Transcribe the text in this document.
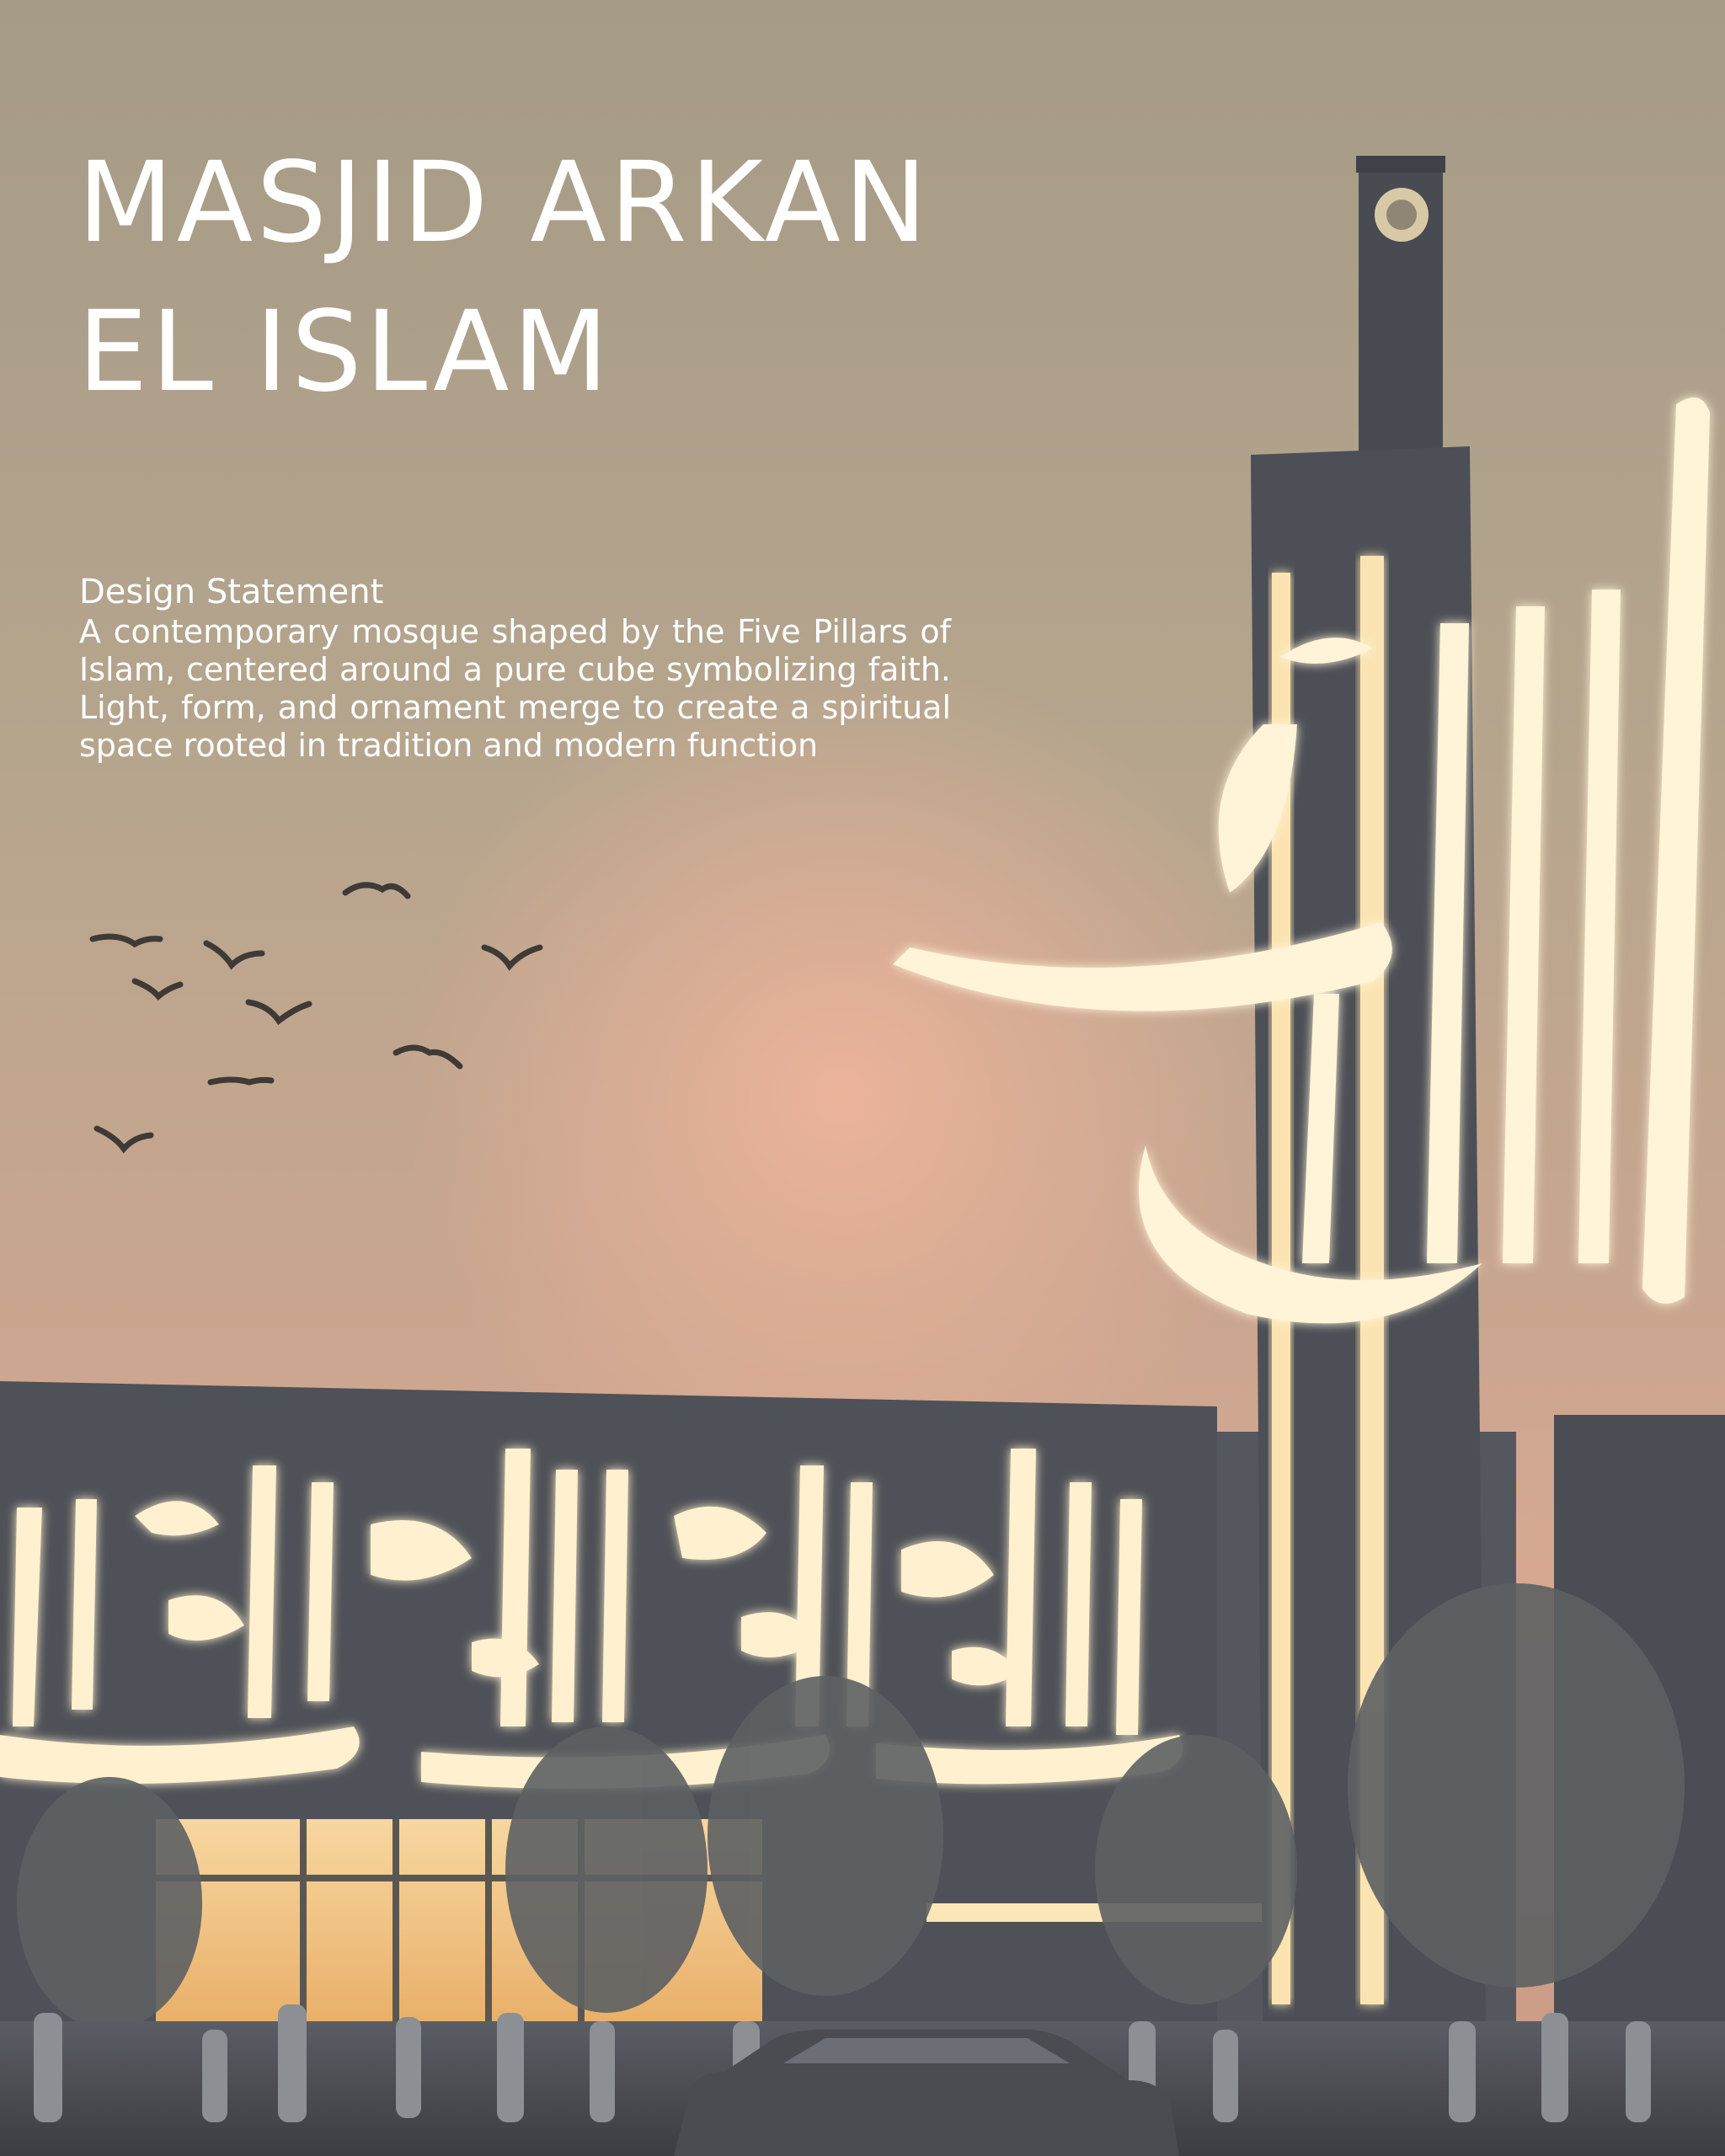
MASJID ARKAN
EL ISLAM
Design Statement

A contemporary mosque shaped by the Five Pillars of Islam, centered around a pure cube symbolizing faith. Light, form, and ornament merge to create a spiritual space rooted in tradition and modern function
